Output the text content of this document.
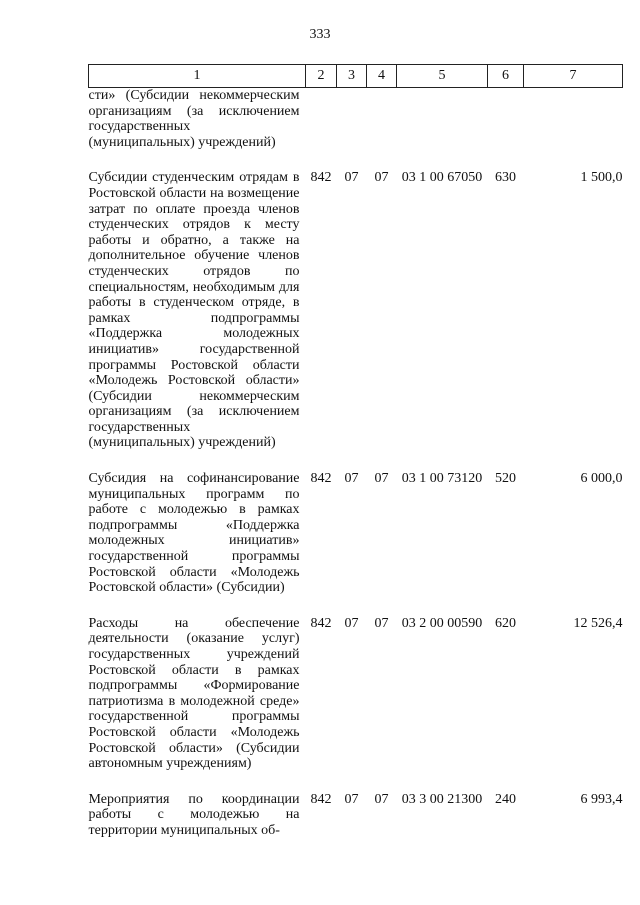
333
1	2	3	4	5	6	7
сти» (Субсидии некоммерческим организациям (за исключением государственных (муниципальных) учреждений)						

Субсидии студенческим отрядам в Ростовской области на возмещение затрат по оплате проезда членов студенческих отрядов к месту работы и обратно, а также на дополнительное обучение членов студенческих отрядов по специальностям, необходимым для работы в студенческом отряде, в рамках подпрограммы «Поддержка молодежных инициатив» государственной программы Ростовской области «Молодежь Ростовской области» (Субсидии некоммерческим организациям (за исключением государственных (муниципальных) учреждений)	842	07	07	03 1 00 67050	630	1 500,0

Субсидия на софинансирование муниципальных программ по работе с молодежью в рамках подпрограммы «Поддержка молодежных инициатив» государственной программы Ростовской области «Молодежь Ростовской области» (Субсидии)	842	07	07	03 1 00 73120	520	6 000,0

Расходы на обеспечение деятельности (оказание услуг) государственных учреждений Ростовской области в рамках подпрограммы «Формирование патриотизма в молодежной среде» государственной программы Ростовской области «Молодежь Ростовской области» (Субсидии автономным учреждениям)	842	07	07	03 2 00 00590	620	12 526,4

Мероприятия по координации работы с молодежью на территории муниципальных об-	842	07	07	03 3 00 21300	240	6 993,4
